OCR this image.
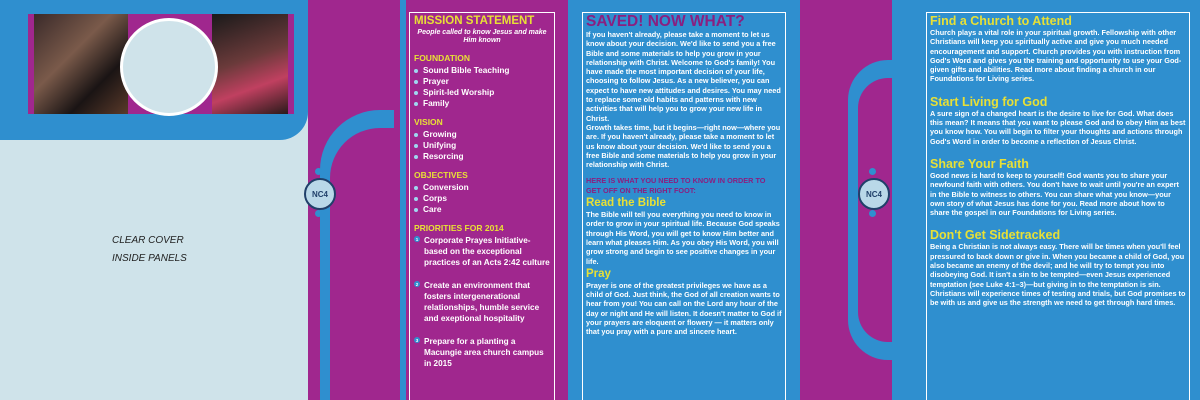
CLEAR COVER
INSIDE PANELS
NC4
MISSION STATEMENT
People called to know Jesus and make Him known
FOUNDATION
Sound Bible Teaching
Prayer
Spirit-led Worship
Family
VISION
Growing
Unifying
Resorcing
OBJECTIVES
Conversion
Corps
Care
PRIORITIES FOR 2014
1 Corporate Prayes Initiative-based on the exceptional practices of an Acts 2:42 culture
2 Create an environment that fosters intergenerational relationships, humble service and exeptional hospitality
3 Prepare for a planting a Macungie area church campus in 2015
SAVED! NOW WHAT?
If you haven't already, please take a moment to let us know about your decision. We'd like to send you a free Bible and some materials to help you grow in your relationship with Christ. Welcome to God's family! You have made the most important decision of your life, choosing to follow Jesus. As a new believer, you can expect to have new attitudes and desires. You may need to replace some old habits and patterns with new activities that will help you to grow your new life in Christ.
Growth takes time, but it begins—right now—where you are. If you haven't already, please take a moment to let us know about your decision. We'd like to send you a free Bible and some materials to help you grow in your relationship with Christ.
HERE IS WHAT YOU NEED TO KNOW IN ORDER TO GET OFF ON THE RIGHT FOOT:
Read the Bible
The Bible will tell you everything you need to know in order to grow in your spiritual life. Because God speaks through His Word, you will get to know Him better and learn what pleases Him. As you obey His Word, you will grow strong and begin to see positive changes in your life.
Pray
Prayer is one of the greatest privileges we have as a child of God. Just think, the God of all creation wants to hear from you! You can call on the Lord any hour of the day or night and He will listen. It doesn't matter to God if your prayers are eloquent or flowery — it matters only that you pray with a pure and sincere heart.
NC4
Find a Church to Attend
Church plays a vital role in your spiritual growth. Fellowship with other Christians will keep you spiritually active and give you much needed encouragement and support. Church provides you with instruction from God's Word and gives you the training and opportunity to use your God-given gifts and abilities. Read more about finding a church in our Foundations for Living series.
Start Living for God
A sure sign of a changed heart is the desire to live for God. What does this mean? It means that you want to please God and to obey Him as best you know how. You will begin to filter your thoughts and actions through God's Word in order to become a reflection of Jesus Christ.
Share Your Faith
Good news is hard to keep to yourself! God wants you to share your newfound faith with others. You don't have to wait until you're an expert in the Bible to witness to others. You can share what you know—your own story of what Jesus has done for you. Read more about how to share the gospel in our Foundations for Living series.
Don't Get Sidetracked
Being a Christian is not always easy. There will be times when you'll feel pressured to back down or give in. When you became a child of God, you also became an enemy of the devil; and he will try to tempt you into disobeying God. It isn't a sin to be tempted—even Jesus experienced temptation (see Luke 4:1–3)—but giving in to the temptation is sin. Christians will experience times of testing and trials, but God promises to be with us and give us the strength we need to get through hard times.
